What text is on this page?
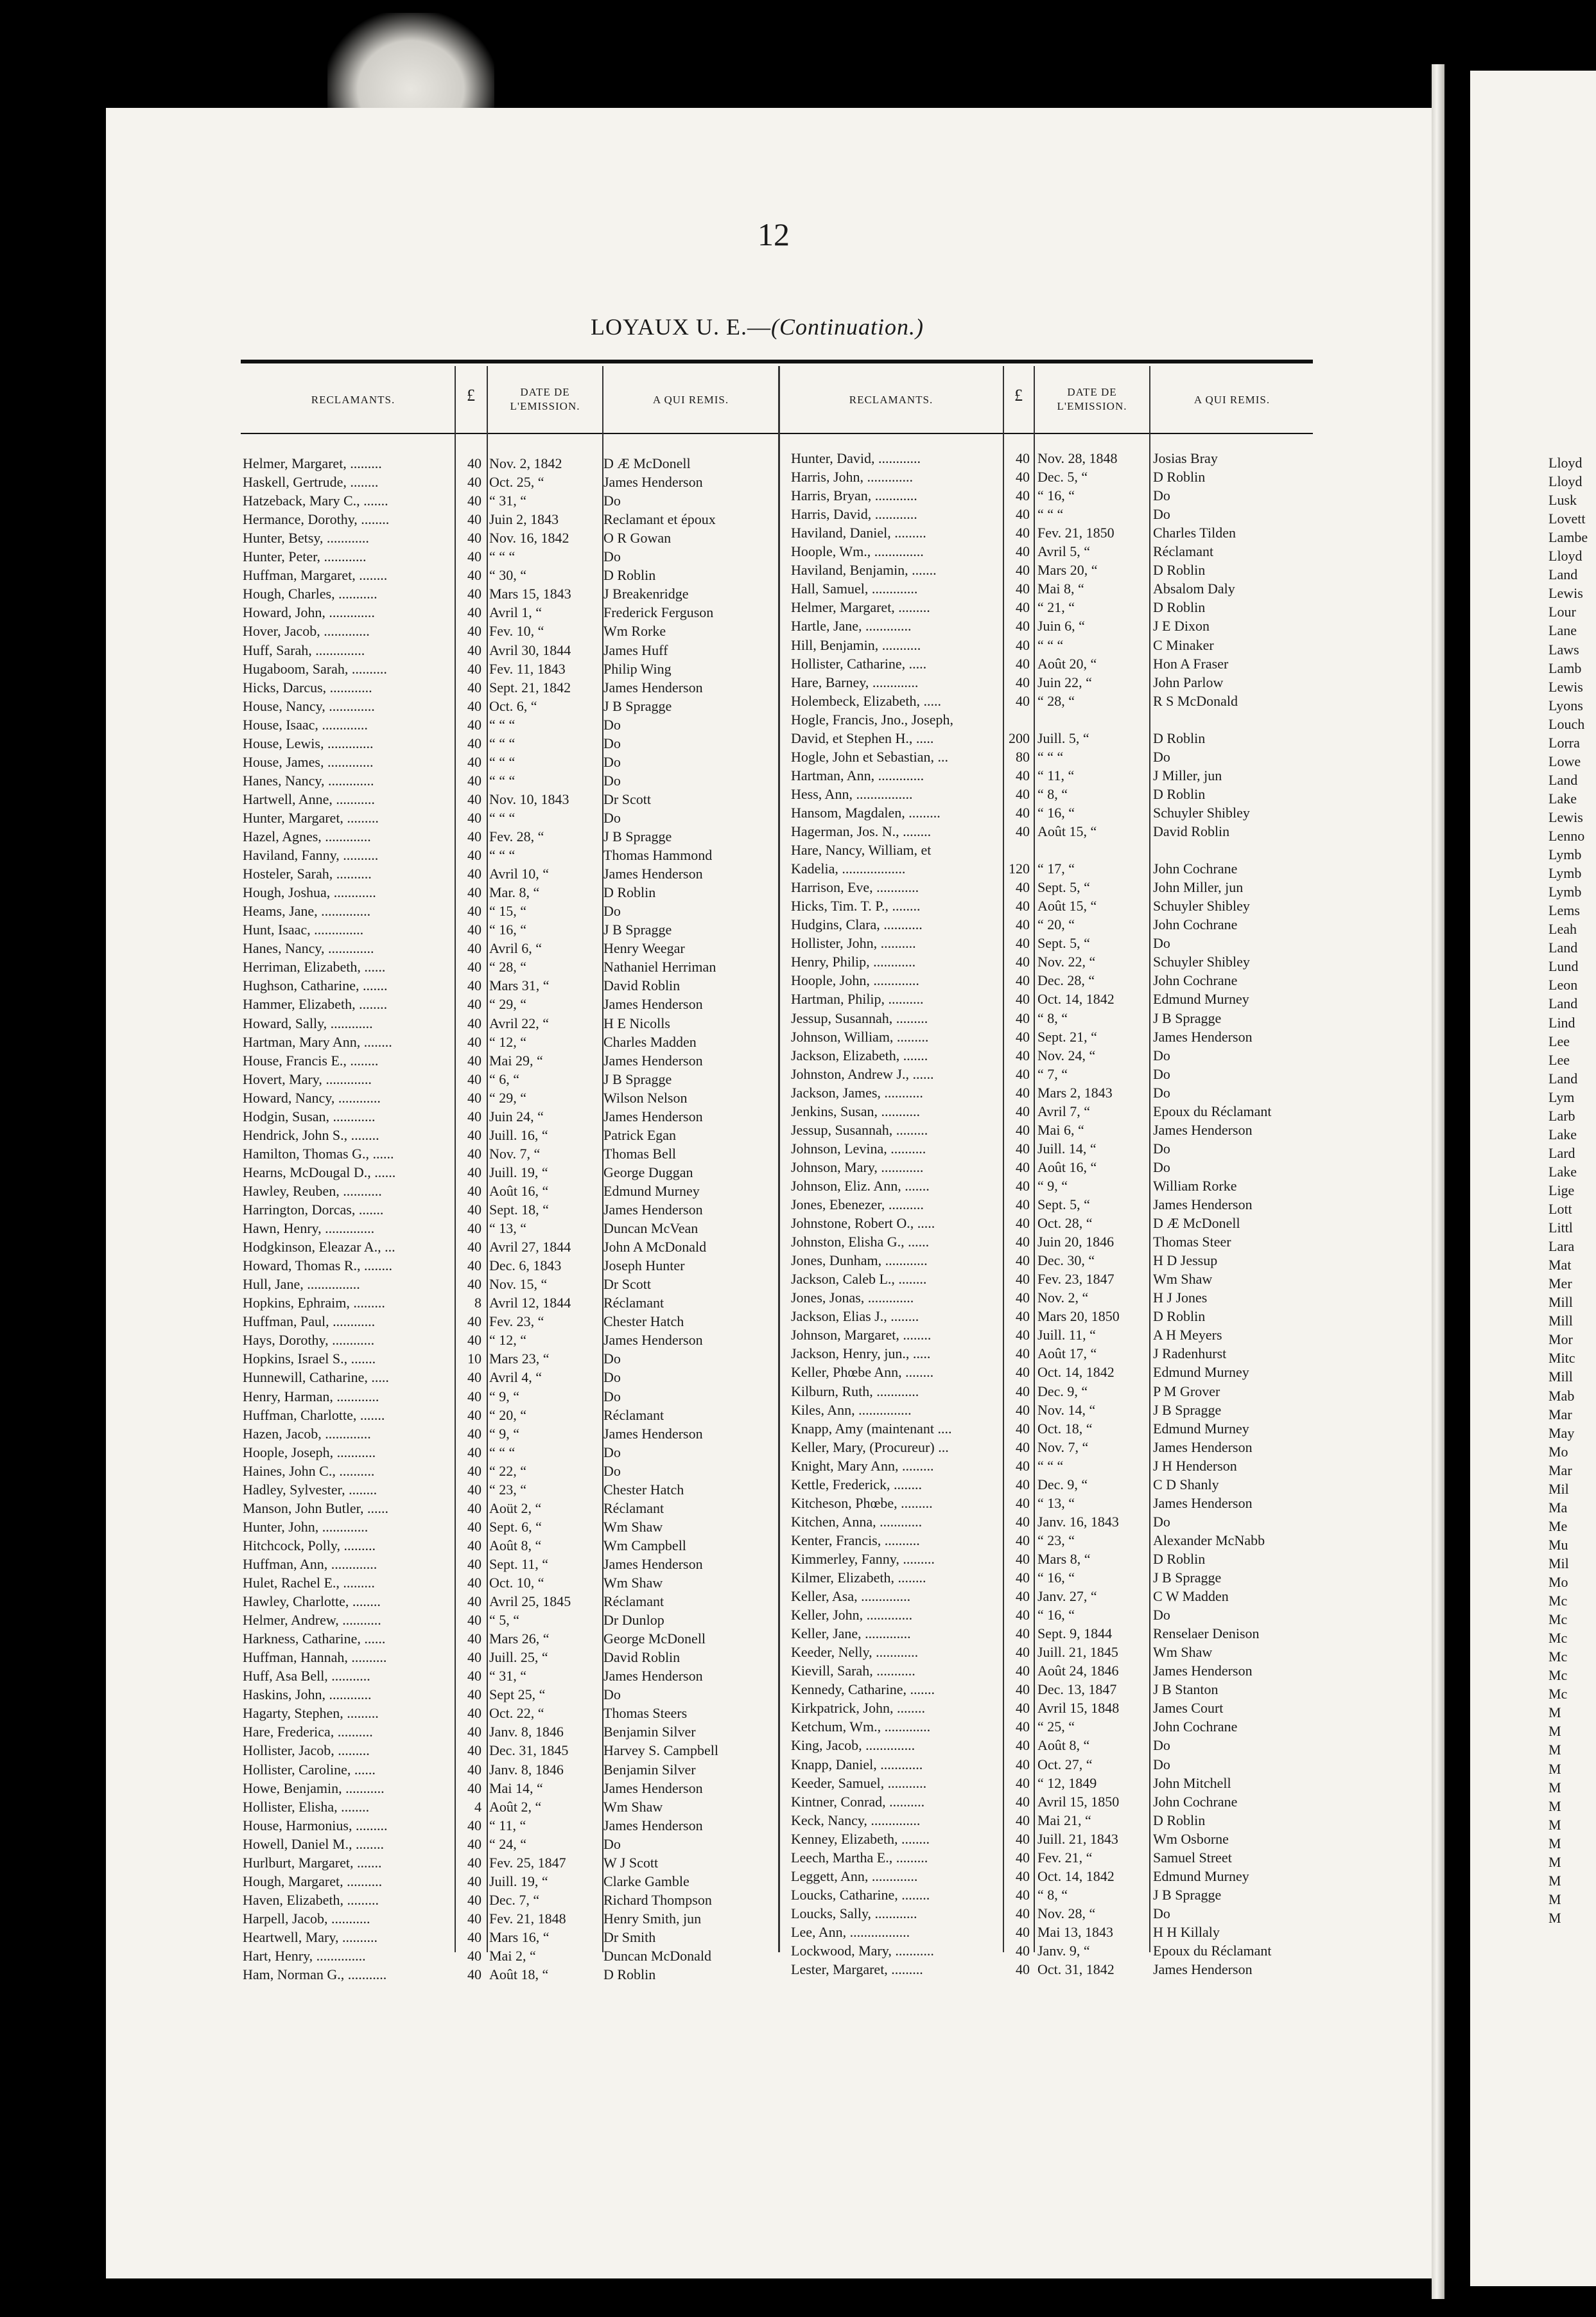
Lloyd
Lloyd
Lusk
Lovett
Lambe
Lloyd
Land
Lewis
Lour
Lane
Laws
Lamb
Lewis
Lyons
Louch
Lorra
Lowe
Land
Lake
Lewis
Lenno
Lymb
Lymb
Lymb
Lems
Leah
Land
Lund
Leon
Land
Lind
Lee
Lee
Land
Lym
Larb
Lake
Lard
Lake
Lige
Lott
Littl
Lara
Mat
Mer
Mill
Mill
Mor
Mitc
Mill
Mab
Mar
May
Mo
Mar
Mil
Ma
Me
Mu
Mil
Mo
Mc
Mc
Mc
Mc
Mc
Mc
M
M
M
M
M
M
M
M
M
M
M
M
12
LOYAUX U. E.—(Continuation.)
RECLAMANTS.	£	DATE DE
L'EMISSION.
A QUI REMIS.	RECLAMANTS.	£	DATE DE
L'EMISSION.
A QUI REMIS.
Helmer, Margaret, .........	40 Nov. 2, 1842	D Æ McDonell
Haskell, Gertrude, ........	40 Oct. 25, “	James Henderson
Hatzeback, Mary C., .......	40 “ 31, “	Do
Hermance, Dorothy, ........	40 Juin 2, 1843	Reclamant et époux
Hunter, Betsy, ............	40 Nov. 16, 1842	O R Gowan
Hunter, Peter, ............	40 “ “ “	Do
Huffman, Margaret, ........	40 “ 30, “	D Roblin
Hough, Charles, ...........	40 Mars 15, 1843	J Breakenridge
Howard, John, .............	40 Avril 1, “	Frederick Ferguson
Hover, Jacob, .............	40 Fev. 10, “	Wm Rorke
Huff, Sarah, ..............	40 Avril 30, 1844	James Huff
Hugaboom, Sarah, ..........	40 Fev. 11, 1843	Philip Wing
Hicks, Darcus, ............	40 Sept. 21, 1842	James Henderson
House, Nancy, .............	40 Oct. 6, “	J B Spragge
House, Isaac, .............	40 “ “ “	Do
House, Lewis, .............	40 “ “ “	Do
House, James, .............	40 “ “ “	Do
Hanes, Nancy, .............	40 “ “ “	Do
Hartwell, Anne, ...........	40 Nov. 10, 1843	Dr Scott
Hunter, Margaret, .........	40 “ “ “	Do
Hazel, Agnes, .............	40 Fev. 28, “	J B Spragge
Haviland, Fanny, ..........	40 “ “ “	Thomas Hammond
Hosteler, Sarah, ..........	40 Avril 10, “	James Henderson
Hough, Joshua, ............	40 Mar. 8, “	D Roblin
Heams, Jane, ..............	40 “ 15, “	Do
Hunt, Isaac, ..............	40 “ 16, “	J B Spragge
Hanes, Nancy, .............	40 Avril 6, “	Henry Weegar
Herriman, Elizabeth, ......	40 “ 28, “	Nathaniel Herriman
Hughson, Catharine, .......	40 Mars 31, “	David Roblin
Hammer, Elizabeth, ........	40 “ 29, “	James Henderson
Howard, Sally, ............	40 Avril 22, “	H E Nicolls
Hartman, Mary Ann, ........	40 “ 12, “	Charles Madden
House, Francis E., ........	40 Mai 29, “	James Henderson
Hovert, Mary, .............	40 “ 6, “	J B Spragge
Howard, Nancy, ............	40 “ 29, “	Wilson Nelson
Hodgin, Susan, ............	40 Juin 24, “	James Henderson
Hendrick, John S., ........	40 Juill. 16, “	Patrick Egan
Hamilton, Thomas G., ......	40 Nov. 7, “	Thomas Bell
Hearns, McDougal D., ......	40 Juill. 19, “	George Duggan
Hawley, Reuben, ...........	40 Août 16, “	Edmund Murney
Harrington, Dorcas, .......	40 Sept. 18, “	James Henderson
Hawn, Henry, ..............	40 “ 13, “	Duncan McVean
Hodgkinson, Eleazar A., ...	40 Avril 27, 1844	John A McDonald
Howard, Thomas R., ........	40 Dec. 6, 1843	Joseph Hunter
Hull, Jane, ...............	40 Nov. 15, “	Dr Scott
Hopkins, Ephraim, .........	8 Avril 12, 1844	Réclamant
Huffman, Paul, ............	40 Fev. 23, “	Chester Hatch
Hays, Dorothy, ............	40 “ 12, “	James Henderson
Hopkins, Israel S., .......	10 Mars 23, “	Do
Hunnewill, Catharine, .....	40 Avril 4, “	Do
Henry, Harman, ............	40 “ 9, “	Do
Huffman, Charlotte, .......	40 “ 20, “	Réclamant
Hazen, Jacob, .............	40 “ 9, “	James Henderson
Hoople, Joseph, ...........	40 “ “ “	Do
Haines, John C., ..........	40 “ 22, “	Do
Hadley, Sylvester, ........	40 “ 23, “	Chester Hatch
Manson, John Butler, ......	40 Aoüt 2, “	Réclamant
Hunter, John, .............	40 Sept. 6, “	Wm Shaw
Hitchcock, Polly, .........	40 Août 8, “	Wm Campbell
Huffman, Ann, .............	40 Sept. 11, “	James Henderson
Hulet, Rachel E., .........	40 Oct. 10, “	Wm Shaw
Hawley, Charlotte, ........	40 Avril 25, 1845	Réclamant
Helmer, Andrew, ...........	40 “ 5, “	Dr Dunlop
Harkness, Catharine, ......	40 Mars 26, “	George McDonell
Huffman, Hannah, ..........	40 Juill. 25, “	David Roblin
Huff, Asa Bell, ...........	40 “ 31, “	James Henderson
Haskins, John, ............	40 Sept 25, “	Do
Hagarty, Stephen, .........	40 Oct. 22, “	Thomas Steers
Hare, Frederica, ..........	40 Janv. 8, 1846	Benjamin Silver
Hollister, Jacob, .........	40 Dec. 31, 1845	Harvey S. Campbell
Hollister, Caroline, ......	40 Janv. 8, 1846	Benjamin Silver
Howe, Benjamin, ...........	40 Mai 14, “	James Henderson
Hollister, Elisha, ........	4 Août 2, “	Wm Shaw
House, Harmonius, .........	40 “ 11, “	James Henderson
Howell, Daniel M., ........	40 “ 24, “	Do
Hurlburt, Margaret, .......	40 Fev. 25, 1847	W J Scott
Hough, Margaret, ..........	40 Juill. 19, “	Clarke Gamble
Haven, Elizabeth, .........	40 Dec. 7, “	Richard Thompson
Harpell, Jacob, ...........	40 Fev. 21, 1848	Henry Smith, jun
Heartwell, Mary, ..........	40 Mars 16, “	Dr Smith
Hart, Henry, ..............	40 Mai 2, “	Duncan McDonald
Ham, Norman G., ...........	40 Août 18, “	D Roblin
Hunter, David, ............	40 Nov. 28, 1848	Josias Bray
Harris, John, .............	40 Dec. 5, “	D Roblin
Harris, Bryan, ............	40 “ 16, “	Do
Harris, David, ............	40 “ “ “	Do
Haviland, Daniel, .........	40 Fev. 21, 1850	Charles Tilden
Hoople, Wm., ..............	40 Avril 5, “	Réclamant
Haviland, Benjamin, .......	40 Mars 20, “	D Roblin
Hall, Samuel, .............	40 Mai 8, “	Absalom Daly
Helmer, Margaret, .........	40 “ 21, “	D Roblin
Hartle, Jane, .............	40 Juin 6, “	J E Dixon
Hill, Benjamin, ...........	40 “ “ “	C Minaker
Hollister, Catharine, .....	40 Août 20, “	Hon A Fraser
Hare, Barney, .............	40 Juin 22, “	John Parlow
Holembeck, Elizabeth, .....	40 “ 28, “	R S McDonald
Hogle, Francis, Jno., Joseph,
David, et Stephen H., .....	200 Juill. 5, “	D Roblin
Hogle, John et Sebastian, ...	80 “ “ “	Do
Hartman, Ann, .............	40 “ 11, “	J Miller, jun
Hess, Ann, ................	40 “ 8, “	D Roblin
Hansom, Magdalen, .........	40 “ 16, “	Schuyler Shibley
Hagerman, Jos. N., ........	40 Août 15, “	David Roblin
Hare, Nancy, William, et
Kadelia, ..................	120 “ 17, “	John Cochrane
Harrison, Eve, ............	40 Sept. 5, “	John Miller, jun
Hicks, Tim. T. P., ........	40 Août 15, “	Schuyler Shibley
Hudgins, Clara, ...........	40 “ 20, “	John Cochrane
Hollister, John, ..........	40 Sept. 5, “	Do
Henry, Philip, ............	40 Nov. 22, “	Schuyler Shibley
Hoople, John, .............	40 Dec. 28, “	John Cochrane
Hartman, Philip, ..........	40 Oct. 14, 1842	Edmund Murney
Jessup, Susannah, .........	40 “ 8, “	J B Spragge
Johnson, William, .........	40 Sept. 21, “	James Henderson
Jackson, Elizabeth, .......	40 Nov. 24, “	Do
Johnston, Andrew J., ......	40 “ 7, “	Do
Jackson, James, ...........	40 Mars 2, 1843	Do
Jenkins, Susan, ...........	40 Avril 7, “	Epoux du Réclamant
Jessup, Susannah, .........	40 Mai 6, “	James Henderson
Johnson, Levina, ..........	40 Juill. 14, “	Do
Johnson, Mary, ............	40 Août 16, “	Do
Johnson, Eliz. Ann, .......	40 “ 9, “	William Rorke
Jones, Ebenezer, ..........	40 Sept. 5, “	James Henderson
Johnstone, Robert O., .....	40 Oct. 28, “	D Æ McDonell
Johnston, Elisha G., ......	40 Juin 20, 1846	Thomas Steer
Jones, Dunham, ............	40 Dec. 30, “	H D Jessup
Jackson, Caleb L., ........	40 Fev. 23, 1847	Wm Shaw
Jones, Jonas, .............	40 Nov. 2, “	H J Jones
Jackson, Elias J., ........	40 Mars 20, 1850	D Roblin
Johnson, Margaret, ........	40 Juill. 11, “	A H Meyers
Jackson, Henry, jun., .....	40 Août 17, “	J Radenhurst
Keller, Phœbe Ann, ........	40 Oct. 14, 1842	Edmund Murney
Kilburn, Ruth, ............	40 Dec. 9, “	P M Grover
Kiles, Ann, ...............	40 Nov. 14, “	J B Spragge
Knapp, Amy (maintenant ....	40 Oct. 18, “	Edmund Murney
Keller, Mary, (Procureur) ...	40 Nov. 7, “	James Henderson
Knight, Mary Ann, .........	40 “ “ “	J H Henderson
Kettle, Frederick, ........	40 Dec. 9, “	C D Shanly
Kitcheson, Phœbe, .........	40 “ 13, “	James Henderson
Kitchen, Anna, ............	40 Janv. 16, 1843	Do
Kenter, Francis, ..........	40 “ 23, “	Alexander McNabb
Kimmerley, Fanny, .........	40 Mars 8, “	D Roblin
Kilmer, Elizabeth, ........	40 “ 16, “	J B Spragge
Keller, Asa, ..............	40 Janv. 27, “	C W Madden
Keller, John, .............	40 “ 16, “	Do
Keller, Jane, .............	40 Sept. 9, 1844	Renselaer Denison
Keeder, Nelly, ............	40 Juill. 21, 1845	Wm Shaw
Kievill, Sarah, ...........	40 Août 24, 1846	James Henderson
Kennedy, Catharine, .......	40 Dec. 13, 1847	J B Stanton
Kirkpatrick, John, ........	40 Avril 15, 1848	James Court
Ketchum, Wm., .............	40 “ 25, “	John Cochrane
King, Jacob, ..............	40 Août 8, “	Do
Knapp, Daniel, ............	40 Oct. 27, “	Do
Keeder, Samuel, ...........	40 “ 12, 1849	John Mitchell
Kintner, Conrad, ..........	40 Avril 15, 1850	John Cochrane
Keck, Nancy, ..............	40 Mai 21, “	D Roblin
Kenney, Elizabeth, ........	40 Juill. 21, 1843	Wm Osborne
Leech, Martha E., .........	40 Fev. 21, “	Samuel Street
Leggett, Ann, .............	40 Oct. 14, 1842	Edmund Murney
Loucks, Catharine, ........	40 “ 8, “	J B Spragge
Loucks, Sally, ............	40 Nov. 28, “	Do
Lee, Ann, .................	40 Mai 13, 1843	H H Killaly
Lockwood, Mary, ...........	40 Janv. 9, “	Epoux du Réclamant
Lester, Margaret, .........	40 Oct. 31, 1842	James Henderson
